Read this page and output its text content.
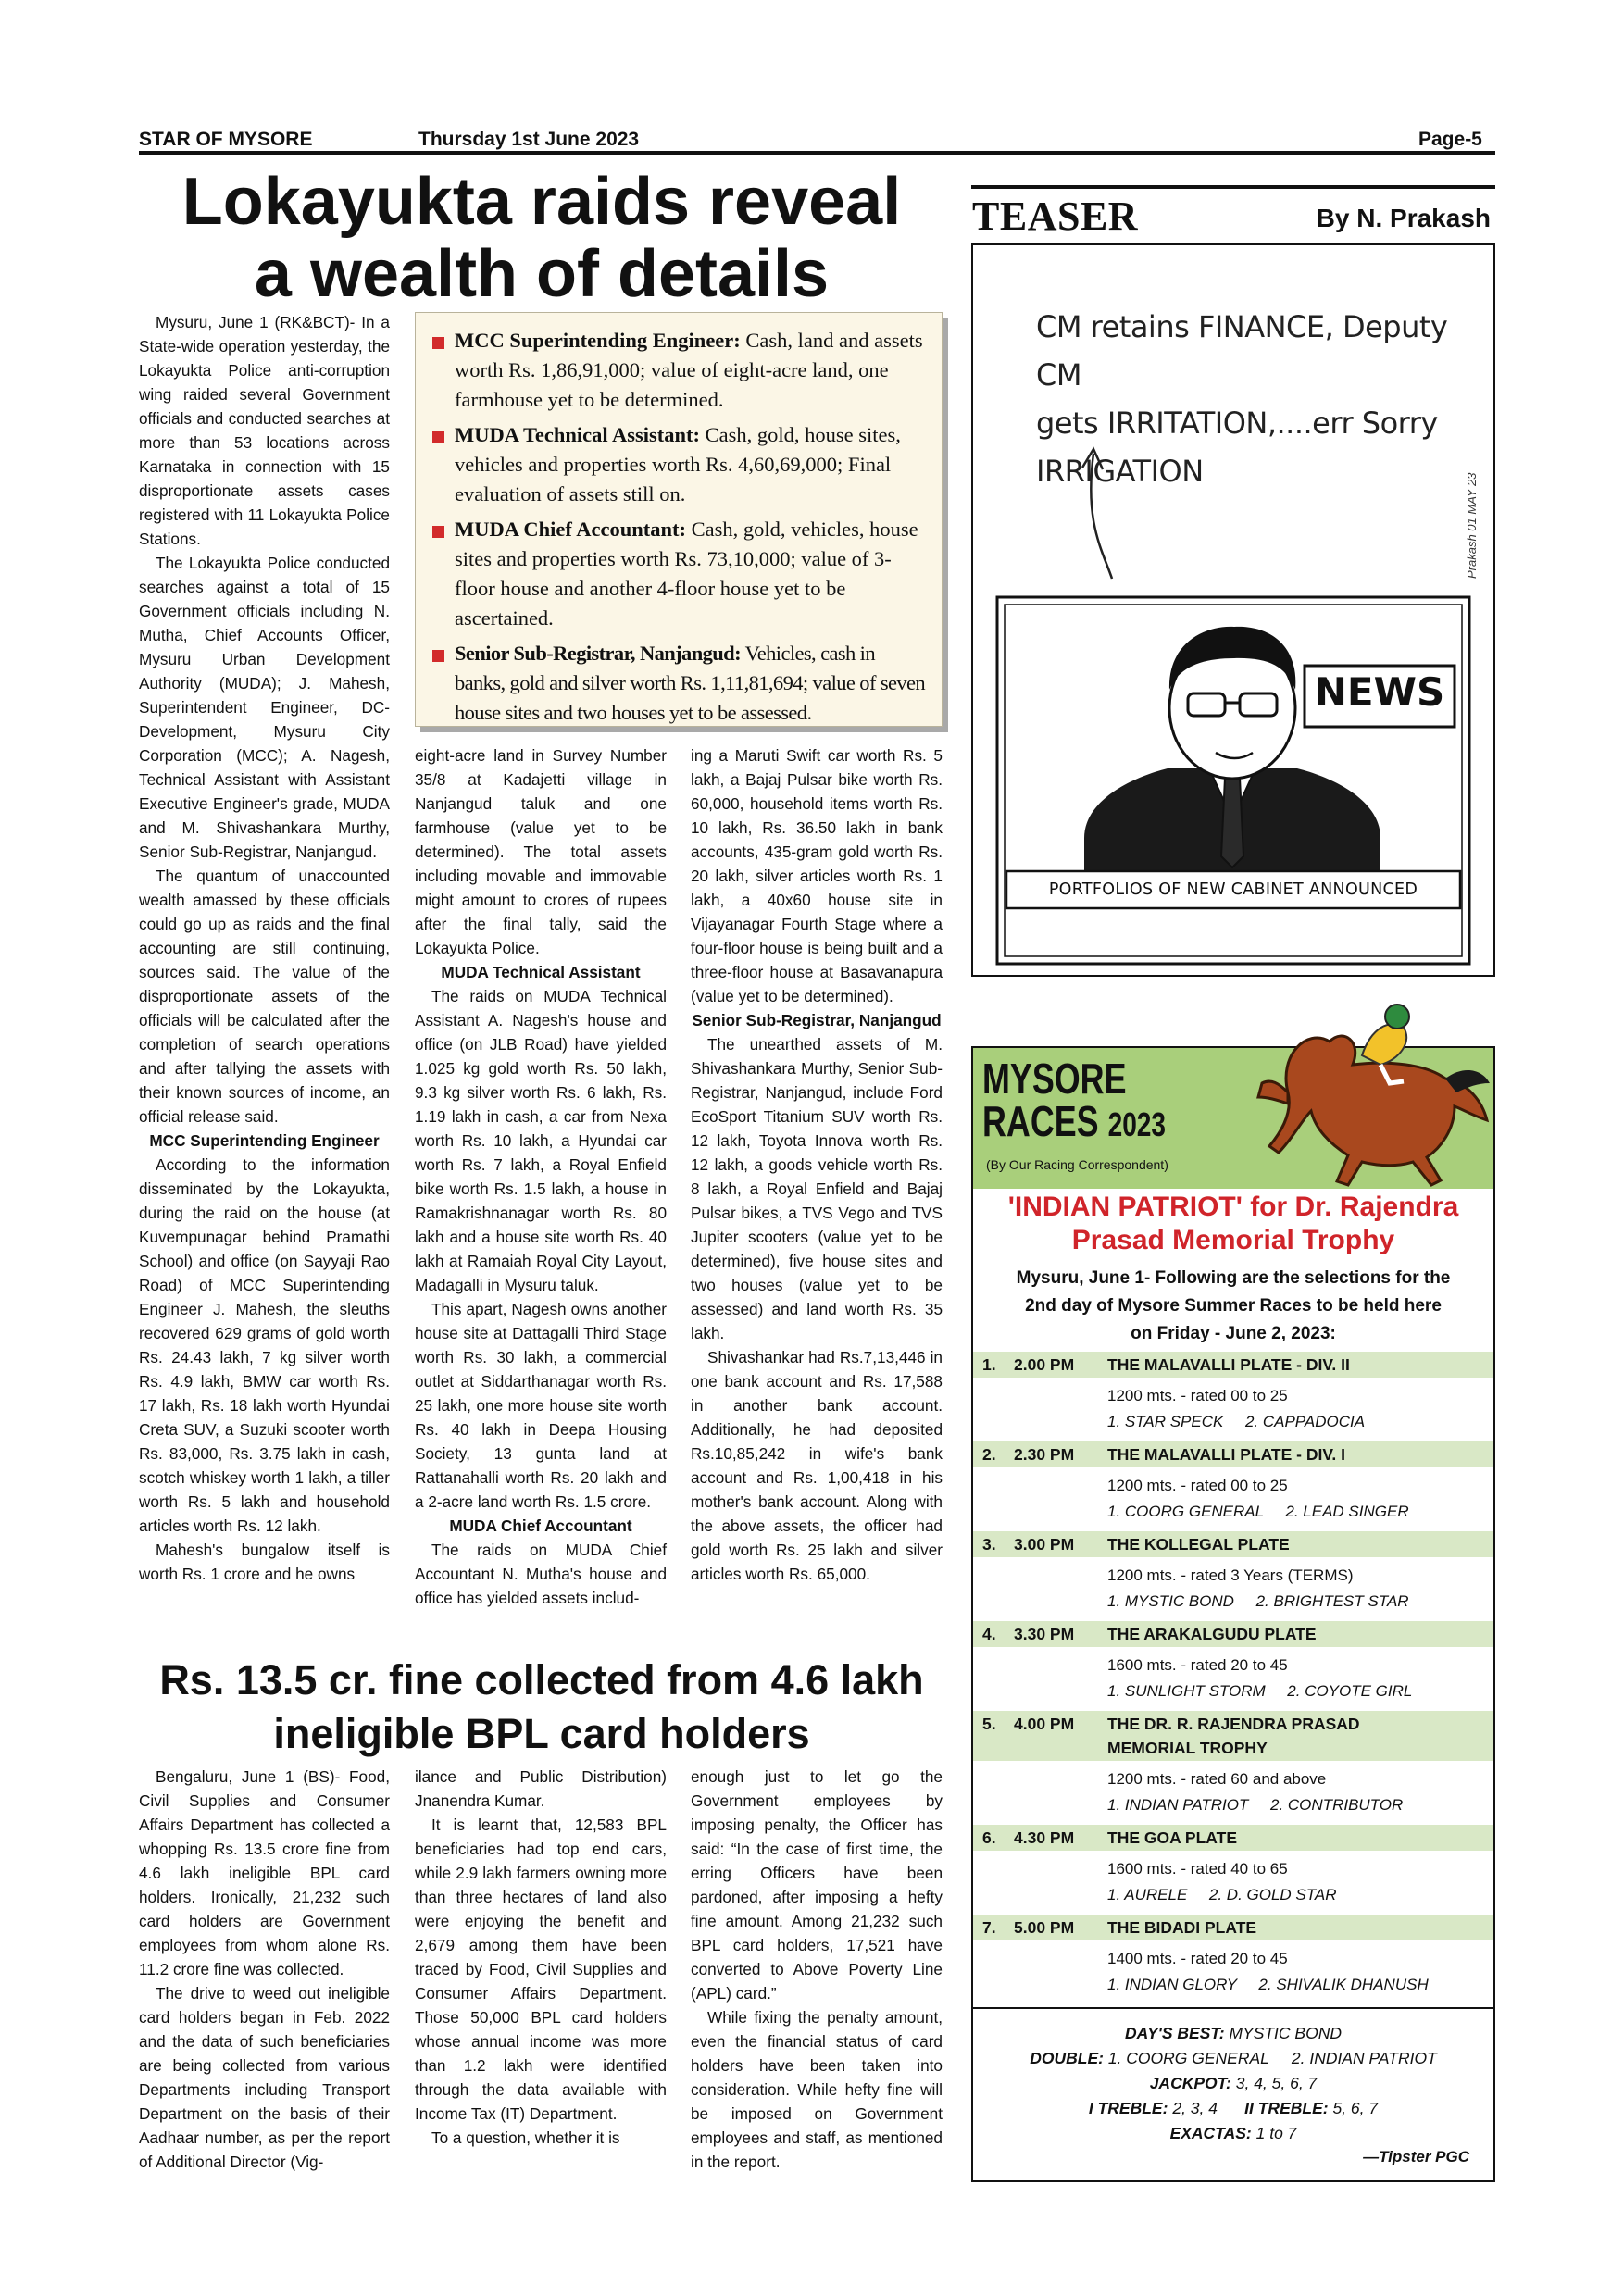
STAR OF MYSORE	Thursday 1st June 2023	Page-5
Lokayukta raids reveal
a wealth of details
MCC Superintending Engineer: Cash, land and assets worth Rs. 1,86,91,000; value of eight-acre land, one farmhouse yet to be determined.
MUDA Technical Assistant: Cash, gold, house sites, vehicles and properties worth Rs. 4,60,69,000; Final evaluation of assets still on.
MUDA Chief Accountant: Cash, gold, vehicles, house sites and properties worth Rs. 73,10,000; value of 3-floor house and another 4-floor house yet to be ascertained.
Senior Sub-Registrar, Nanjangud: Vehicles, cash in banks, gold and silver worth Rs. 1,11,81,694; value of seven house sites and two houses yet to be assessed.

Mysuru, June 1 (RK&BCT)- In a State-wide operation yesterday, the Lokayukta Police anti-corruption wing raided several Government officials and conducted searches at more than 53 locations across Karnataka in connection with 15 disproportionate assets cases registered with 11 Lokayukta Police Stations.

The Lokayukta Police conducted searches against a total of 15 Government officials including N. Mutha, Chief Accounts Officer, Mysuru Urban Development Authority (MUDA); J. Mahesh, Superintendent Engineer, DC-Development, Mysuru City Corporation (MCC); A. Nagesh, Technical Assistant with Assistant Executive Engineer's grade, MUDA and M. Shivashankara Murthy, Senior Sub-Registrar, Nanjangud.

The quantum of unaccounted wealth amassed by these officials could go up as raids and the final accounting are still continuing, sources said. The value of the disproportionate assets of the officials will be calculated after the completion of search operations and after tallying the assets with their known sources of income, an official release said.

MCC Superintending Engineer

According to the information disseminated by the Lokayukta, during the raid on the house (at Kuvempunagar behind Pramathi School) and office (on Sayyaji Rao Road) of MCC Superintending Engineer J. Mahesh, the sleuths recovered 629 grams of gold worth Rs. 24.43 lakh, 7 kg silver worth Rs. 4.9 lakh, BMW car worth Rs. 17 lakh, Rs. 18 lakh worth Hyundai Creta SUV, a Suzuki scooter worth Rs. 83,000, Rs. 3.75 lakh in cash, scotch whiskey worth 1 lakh, a tiller worth Rs. 5 lakh and household articles worth Rs. 12 lakh.

Mahesh's bungalow itself is worth Rs. 1 crore and he owns

eight-acre land in Survey Number 35/8 at Kadajetti village in Nanjangud taluk and one farmhouse (value yet to be determined). The total assets including movable and immovable might amount to crores of rupees after the final tally, said the Lokayukta Police.

MUDA Technical Assistant

The raids on MUDA Technical Assistant A. Nagesh's house and office (on JLB Road) have yielded 1.025 kg gold worth Rs. 50 lakh, 9.3 kg silver worth Rs. 6 lakh, Rs. 1.19 lakh in cash, a car from Nexa worth Rs. 10 lakh, a Hyundai car worth Rs. 7 lakh, a Royal Enfield bike worth Rs. 1.5 lakh, a house in Ramakrishnanagar worth Rs. 80 lakh and a house site worth Rs. 40 lakh at Ramaiah Royal City Layout, Madagalli in Mysuru taluk.

This apart, Nagesh owns another house site at Dattagalli Third Stage worth Rs. 30 lakh, a commercial outlet at Siddarthanagar worth Rs. 25 lakh, one more house site worth Rs. 40 lakh in Deepa Housing Society, 13 gunta land at Rattanahalli worth Rs. 20 lakh and a 2-acre land worth Rs. 1.5 crore.

MUDA Chief Accountant

The raids on MUDA Chief Accountant N. Mutha's house and office has yielded assets includ-

ing a Maruti Swift car worth Rs. 5 lakh, a Bajaj Pulsar bike worth Rs. 60,000, household items worth Rs. 10 lakh, Rs. 36.50 lakh in bank accounts, 435-gram gold worth Rs. 20 lakh, silver articles worth Rs. 1 lakh, a 40x60 house site in Vijayanagar Fourth Stage where a four-floor house is being built and a three-floor house at Basavanapura (value yet to be determined).

Senior Sub-Registrar, Nanjangud

The unearthed assets of M. Shivashankara Murthy, Senior Sub-Registrar, Nanjangud, include Ford EcoSport Titanium SUV worth Rs. 12 lakh, Toyota Innova worth Rs. 12 lakh, a goods vehicle worth Rs. 8 lakh, a Royal Enfield and Bajaj Pulsar bikes, a TVS Vego and TVS Jupiter scooters (value yet to be determined), five house sites and two houses (value yet to be assessed) and land worth Rs. 35 lakh.

Shivashankar had Rs.7,13,446 in one bank account and Rs. 17,588 in another bank account. Additionally, he had deposited Rs.10,85,242 in wife's bank account and Rs. 1,00,418 in his mother's bank account. Along with the above assets, the officer had gold worth Rs. 25 lakh and silver articles worth Rs. 65,000.

Rs. 13.5 cr. fine collected from 4.6 lakh
ineligible BPL card holders

Bengaluru, June 1 (BS)- Food, Civil Supplies and Consumer Affairs Department has collected a whopping Rs. 13.5 crore fine from 4.6 lakh ineligible BPL card holders. Ironically, 21,232 such card holders are Government employees from whom alone Rs. 11.2 crore fine was collected.

The drive to weed out ineligible card holders began in Feb. 2022 and the data of such beneficiaries are being collected from various Departments including Transport Department on the basis of their Aadhaar number, as per the report of Additional Director (Vig-

ilance and Public Distribution) Jnanendra Kumar.

It is learnt that, 12,583 BPL beneficiaries had top end cars, while 2.9 lakh farmers owning more than three hectares of land also were enjoying the benefit and 2,679 among them have been traced by Food, Civil Supplies and Consumer Affairs Department. Those 50,000 BPL card holders whose annual income was more than 1.2 lakh were identified through the data available with Income Tax (IT) Department.

To a question, whether it is

enough just to let go the Government employees by imposing penalty, the Officer has said: “In the case of first time, the erring Officers have been pardoned, after imposing a hefty fine amount. Among 21,232 such BPL card holders, 17,521 have converted to Above Poverty Line (APL) card.”

While fixing the penalty amount, even the financial status of card holders have been taken into consideration. While hefty fine will be imposed on Government employees and staff, as mentioned in the report.

TEASER	By N. Prakash
CM retains FINANCE, Deputy CM
gets IRRITATION,....err Sorry
IRRIGATION
Prakash 01 MAY 23
NEWS
PORTFOLIOS OF NEW CABINET ANNOUNCED
MYSORE
RACES 2023
(By Our Racing Correspondent)
'INDIAN PATRIOT' for Dr. Rajendra
Prasad Memorial Trophy
Mysuru, June 1- Following are the selections for the
2nd day of Mysore Summer Races to be held here
on Friday - June 2, 2023:
1. 2.00 PM THE MALAVALLI PLATE - DIV. II
1200 mts. - rated 00 to 25
1. STAR SPECK     2. CAPPADOCIA
2. 2.30 PM THE MALAVALLI PLATE - DIV. I
1200 mts. - rated 00 to 25
1. COORG GENERAL     2. LEAD SINGER
3. 3.00 PM THE KOLLEGAL PLATE
1200 mts. - rated 3 Years (TERMS)
1. MYSTIC BOND     2. BRIGHTEST STAR
4. 3.30 PM THE ARAKALGUDU PLATE
1600 mts. - rated 20 to 45
1. SUNLIGHT STORM     2. COYOTE GIRL
5. 4.00 PM THE DR. R. RAJENDRA PRASAD
MEMORIAL TROPHY
1200 mts. - rated 60 and above
1. INDIAN PATRIOT     2. CONTRIBUTOR
6. 4.30 PM THE GOA PLATE
1600 mts. - rated 40 to 65
1. AURELE     2. D. GOLD STAR
7. 5.00 PM THE BIDADI PLATE
1400 mts. - rated 20 to 45
1. INDIAN GLORY     2. SHIVALIK DHANUSH
DAY'S BEST: MYSTIC BOND
DOUBLE: 1. COORG GENERAL     2. INDIAN PATRIOT
JACKPOT: 3, 4, 5, 6, 7
I TREBLE: 2, 3, 4 II TREBLE: 5, 6, 7
EXACTAS: 1 to 7
—Tipster PGC
